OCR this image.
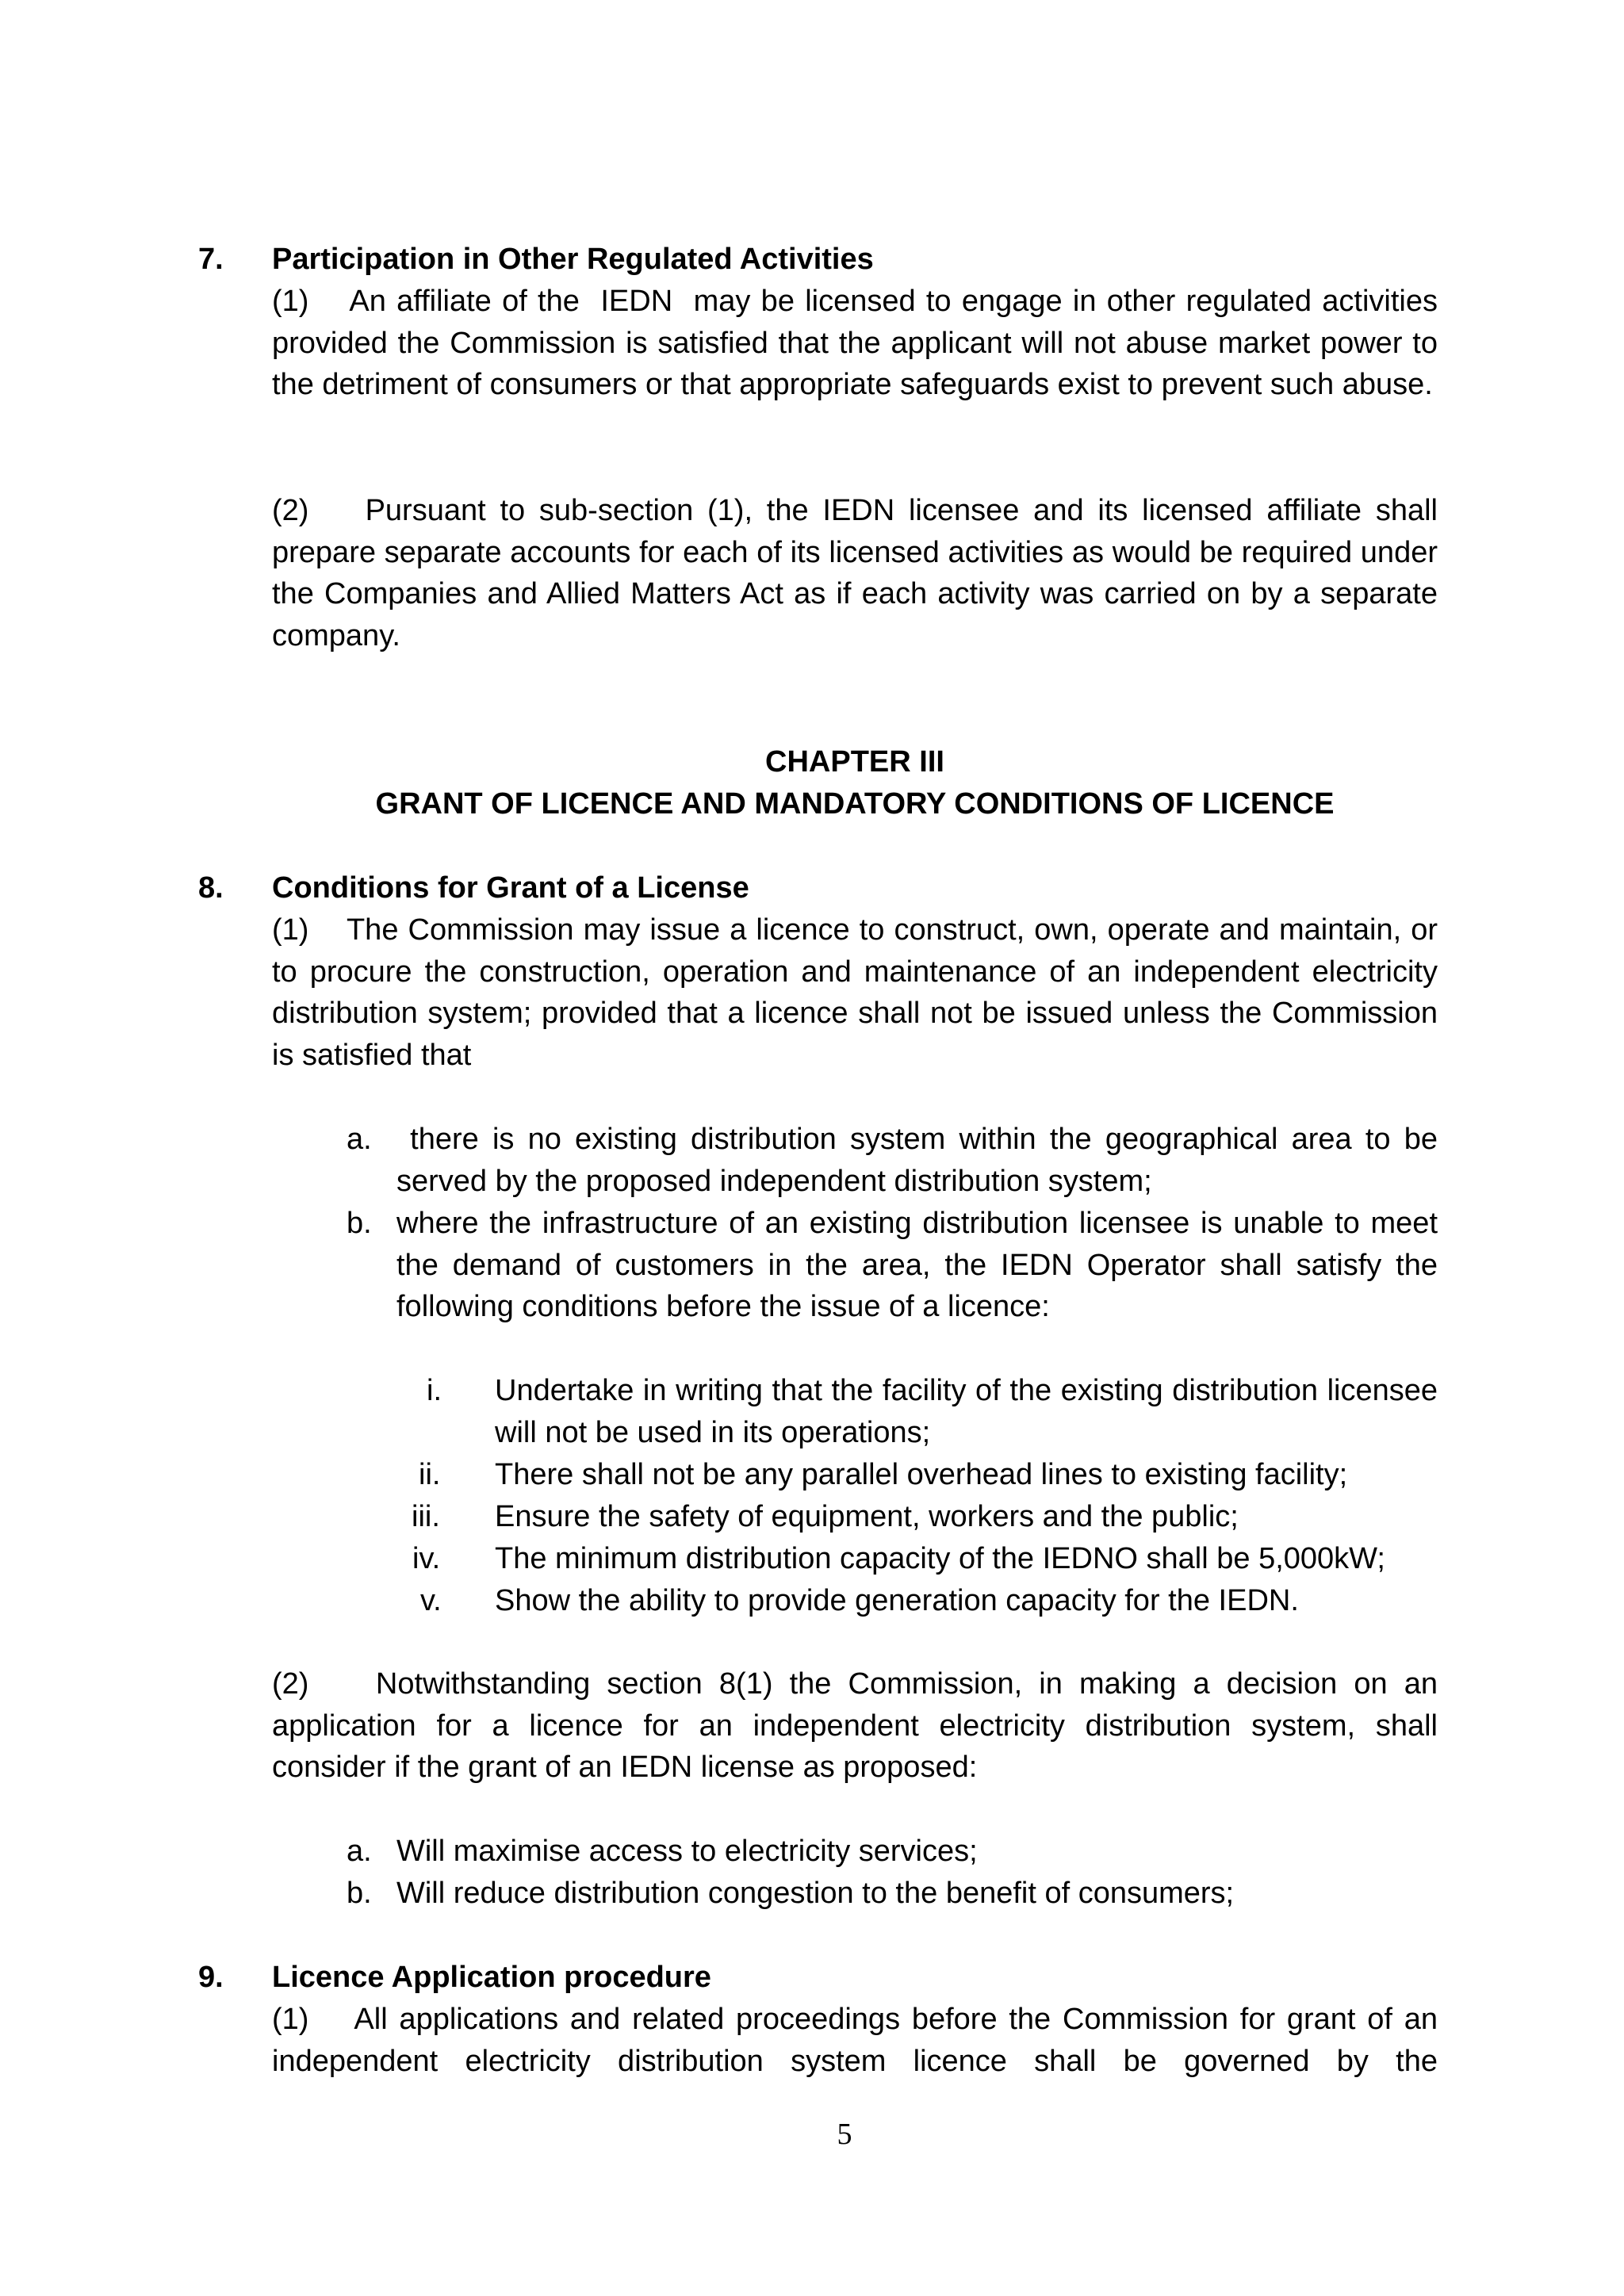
7. Participation in Other Regulated Activities
(1)    An affiliate of the  IEDN  may be licensed to engage in other regulated activities provided the Commission is satisfied that the applicant will not abuse market power to the detriment of consumers or that appropriate safeguards exist to prevent such abuse.
(2)    Pursuant to sub-section (1), the IEDN licensee and its licensed affiliate shall prepare separate accounts for each of its licensed activities as would be required under the Companies and Allied Matters Act as if each activity was carried on by a separate company.
CHAPTER III
GRANT OF LICENCE AND MANDATORY CONDITIONS OF LICENCE
8. Conditions for Grant of a License
(1)    The Commission may issue a licence to construct, own, operate and maintain, or to procure the construction, operation and maintenance of an independent electricity distribution system; provided that a licence shall not be issued unless the Commission is satisfied that
a. there is no existing distribution system within the geographical area to be served by the proposed independent distribution system;
b. where the infrastructure of an existing distribution licensee is unable to meet the demand of customers in the area, the IEDN Operator shall satisfy the following conditions before the issue of a licence:
i. Undertake in writing that the facility of the existing distribution licensee will not be used in its operations;
ii. There shall not be any parallel overhead lines to existing facility;
iii. Ensure the safety of equipment, workers and the public;
iv. The minimum distribution capacity of the IEDNO shall be 5,000kW;
v. Show the ability to provide generation capacity for the IEDN.
(2)    Notwithstanding section 8(1) the Commission, in making a decision on an application for a licence for an independent electricity distribution system, shall consider if the grant of an IEDN license as proposed:
a. Will maximise access to electricity services;
b. Will reduce distribution congestion to the benefit of consumers;
9. Licence Application procedure
(1)    All applications and related proceedings before the Commission for grant of an independent electricity distribution system licence shall be governed by the
5
